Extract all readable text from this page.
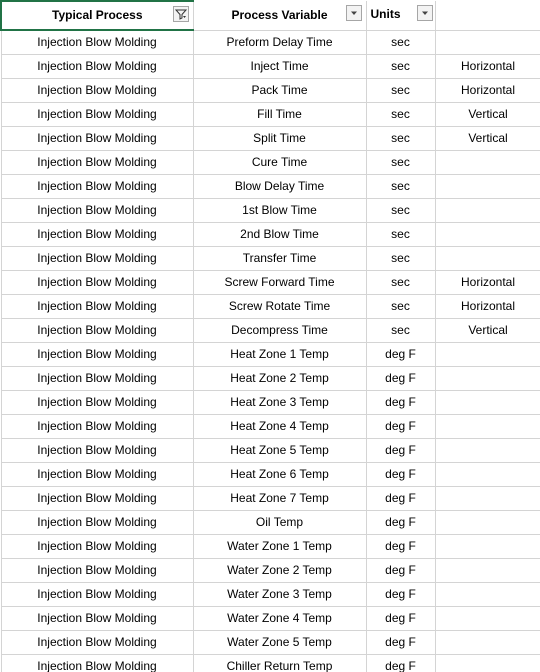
Typical Process	Process Variable	Units	

Injection Blow Molding	Preform Delay Time	sec	
Injection Blow Molding	Inject Time	sec	Horizontal
Injection Blow Molding	Pack Time	sec	Horizontal
Injection Blow Molding	Fill Time	sec	Vertical
Injection Blow Molding	Split Time	sec	Vertical
Injection Blow Molding	Cure Time	sec	
Injection Blow Molding	Blow Delay Time	sec	
Injection Blow Molding	1st Blow Time	sec	
Injection Blow Molding	2nd Blow Time	sec	
Injection Blow Molding	Transfer Time	sec	
Injection Blow Molding	Screw Forward Time	sec	Horizontal
Injection Blow Molding	Screw Rotate Time	sec	Horizontal
Injection Blow Molding	Decompress Time	sec	Vertical
Injection Blow Molding	Heat Zone 1 Temp	deg F	
Injection Blow Molding	Heat Zone 2 Temp	deg F	
Injection Blow Molding	Heat Zone 3 Temp	deg F	
Injection Blow Molding	Heat Zone 4 Temp	deg F	
Injection Blow Molding	Heat Zone 5 Temp	deg F	
Injection Blow Molding	Heat Zone 6 Temp	deg F	
Injection Blow Molding	Heat Zone 7 Temp	deg F	
Injection Blow Molding	Oil Temp	deg F	
Injection Blow Molding	Water Zone 1 Temp	deg F	
Injection Blow Molding	Water Zone 2 Temp	deg F	
Injection Blow Molding	Water Zone 3 Temp	deg F	
Injection Blow Molding	Water Zone 4 Temp	deg F	
Injection Blow Molding	Water Zone 5 Temp	deg F	
Injection Blow Molding	Chiller Return Temp	deg F	
